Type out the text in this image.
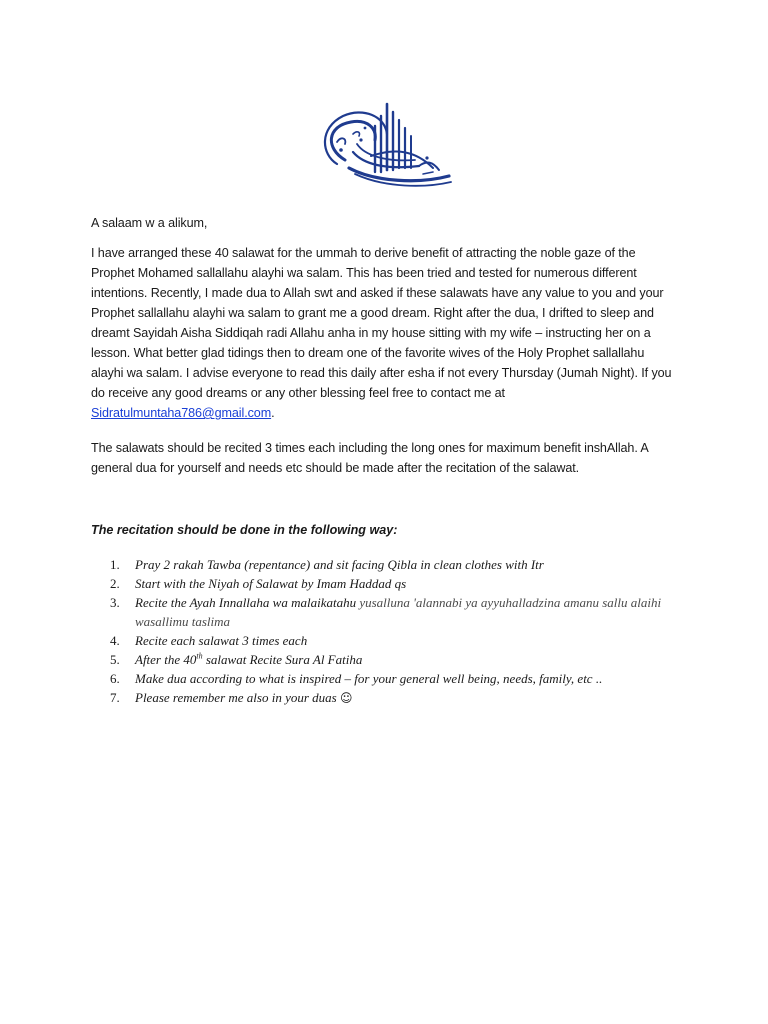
A salaam w a alikum,

I have arranged these 40 salawat for the ummah to derive benefit of attracting the noble gaze of the Prophet Mohamed sallallahu alayhi wa salam. This has been tried and tested for numerous different intentions. Recently, I made dua to Allah swt and asked if these salawats have any value to you and your Prophet sallallahu alayhi wa salam to grant me a good dream. Right after the dua, I drifted to sleep and dreamt Sayidah Aisha Siddiqah radi Allahu anha in my house sitting with my wife – instructing her on a lesson. What better glad tidings then to dream one of the favorite wives of the Holy Prophet sallallahu alayhi wa salam. I advise everyone to read this daily after esha if not every Thursday (Jumah Night). If you do receive any good dreams or any other blessing feel free to contact me at Sidratulmuntaha786@gmail.com.

The salawats should be recited 3 times each including the long ones for maximum benefit inshAllah. A general dua for yourself and needs etc should be made after the recitation of the salawat.

The recitation should be done in the following way:
1. Pray 2 rakah Tawba (repentance) and sit facing Qibla in clean clothes with Itr
2. Start with the Niyah of Salawat by Imam Haddad qs
3. Recite the Ayah Innallaha wa malaikatahu yusalluna 'alannabi ya ayyuhalladzina amanu sallu alaihi wasallimu taslima
4. Recite each salawat 3 times each
5. After the 40th salawat Recite Sura Al Fatiha
6. Make dua according to what is inspired – for your general well being, needs, family, etc ..
7. Please remember me also in your duas ☺
